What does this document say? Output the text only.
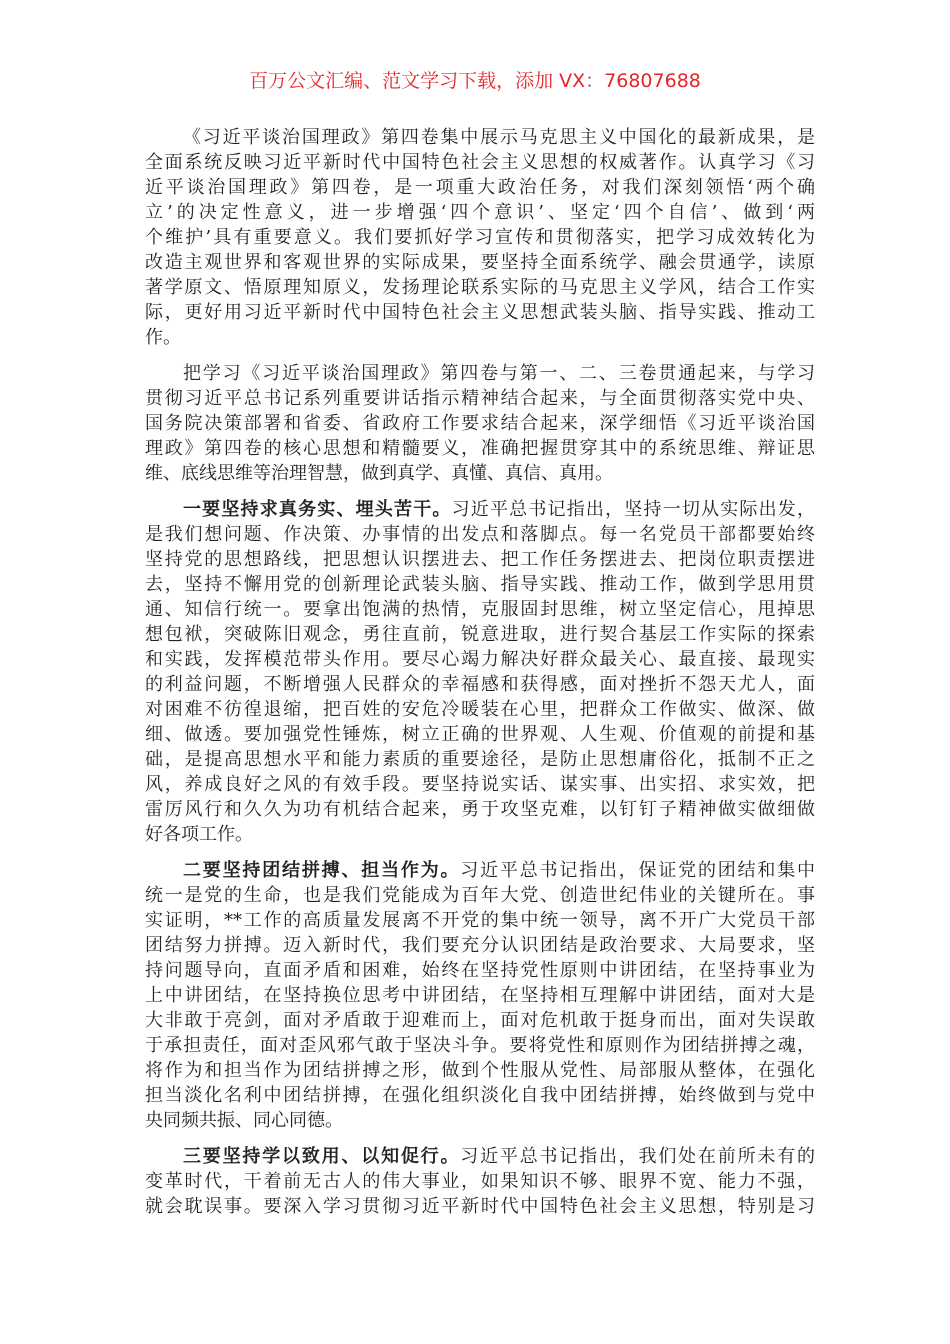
百万公文汇编、范文学习下载，添加 VX：76807688
《习近平谈治国理政》第四卷集中展示马克思主义中国化的最新成果，是
全面系统反映习近平新时代中国特色社会主义思想的权威著作。认真学习《习
近平谈治国理政》第四卷，是一项重大政治任务，对我们深刻领悟‘两个确
立’的决定性意义，进一步增强‘四个意识’、坚定‘四个自信’、做到‘两
个维护’具有重要意义。我们要抓好学习宣传和贯彻落实，把学习成效转化为
改造主观世界和客观世界的实际成果，要坚持全面系统学、融会贯通学，读原
著学原文、悟原理知原义，发扬理论联系实际的马克思主义学风，结合工作实
际，更好用习近平新时代中国特色社会主义思想武装头脑、指导实践、推动工
作。
把学习《习近平谈治国理政》第四卷与第一、二、三卷贯通起来，与学习
贯彻习近平总书记系列重要讲话指示精神结合起来，与全面贯彻落实党中央、
国务院决策部署和省委、省政府工作要求结合起来，深学细悟《习近平谈治国
理政》第四卷的核心思想和精髓要义，准确把握贯穿其中的系统思维、辩证思
维、底线思维等治理智慧，做到真学、真懂、真信、真用。
一要坚持求真务实、埋头苦干。习近平总书记指出，坚持一切从实际出发，
是我们想问题、作决策、办事情的出发点和落脚点。每一名党员干部都要始终
坚持党的思想路线，把思想认识摆进去、把工作任务摆进去、把岗位职责摆进
去，坚持不懈用党的创新理论武装头脑、指导实践、推动工作，做到学思用贯
通、知信行统一。要拿出饱满的热情，克服固封思维，树立坚定信心，甩掉思
想包袱，突破陈旧观念，勇往直前，锐意进取，进行契合基层工作实际的探索
和实践，发挥模范带头作用。要尽心竭力解决好群众最关心、最直接、最现实
的利益问题，不断增强人民群众的幸福感和获得感，面对挫折不怨天尤人，面
对困难不彷徨退缩，把百姓的安危冷暖装在心里，把群众工作做实、做深、做
细、做透。要加强党性锤炼，树立正确的世界观、人生观、价值观的前提和基
础，是提高思想水平和能力素质的重要途径，是防止思想庸俗化，抵制不正之
风，养成良好之风的有效手段。要坚持说实话、谋实事、出实招、求实效，把
雷厉风行和久久为功有机结合起来，勇于攻坚克难，以钉钉子精神做实做细做
好各项工作。
二要坚持团结拼搏、担当作为。习近平总书记指出，保证党的团结和集中
统一是党的生命，也是我们党能成为百年大党、创造世纪伟业的关键所在。事
实证明，**工作的高质量发展离不开党的集中统一领导，离不开广大党员干部
团结努力拼搏。迈入新时代，我们要充分认识团结是政治要求、大局要求，坚
持问题导向，直面矛盾和困难，始终在坚持党性原则中讲团结，在坚持事业为
上中讲团结，在坚持换位思考中讲团结，在坚持相互理解中讲团结，面对大是
大非敢于亮剑，面对矛盾敢于迎难而上，面对危机敢于挺身而出，面对失误敢
于承担责任，面对歪风邪气敢于坚决斗争。要将党性和原则作为团结拼搏之魂，
将作为和担当作为团结拼搏之形，做到个性服从党性、局部服从整体，在强化
担当淡化名利中团结拼搏，在强化组织淡化自我中团结拼搏，始终做到与党中
央同频共振、同心同德。
三要坚持学以致用、以知促行。习近平总书记指出，我们处在前所未有的
变革时代，干着前无古人的伟大事业，如果知识不够、眼界不宽、能力不强，
就会耽误事。要深入学习贯彻习近平新时代中国特色社会主义思想，特别是习
